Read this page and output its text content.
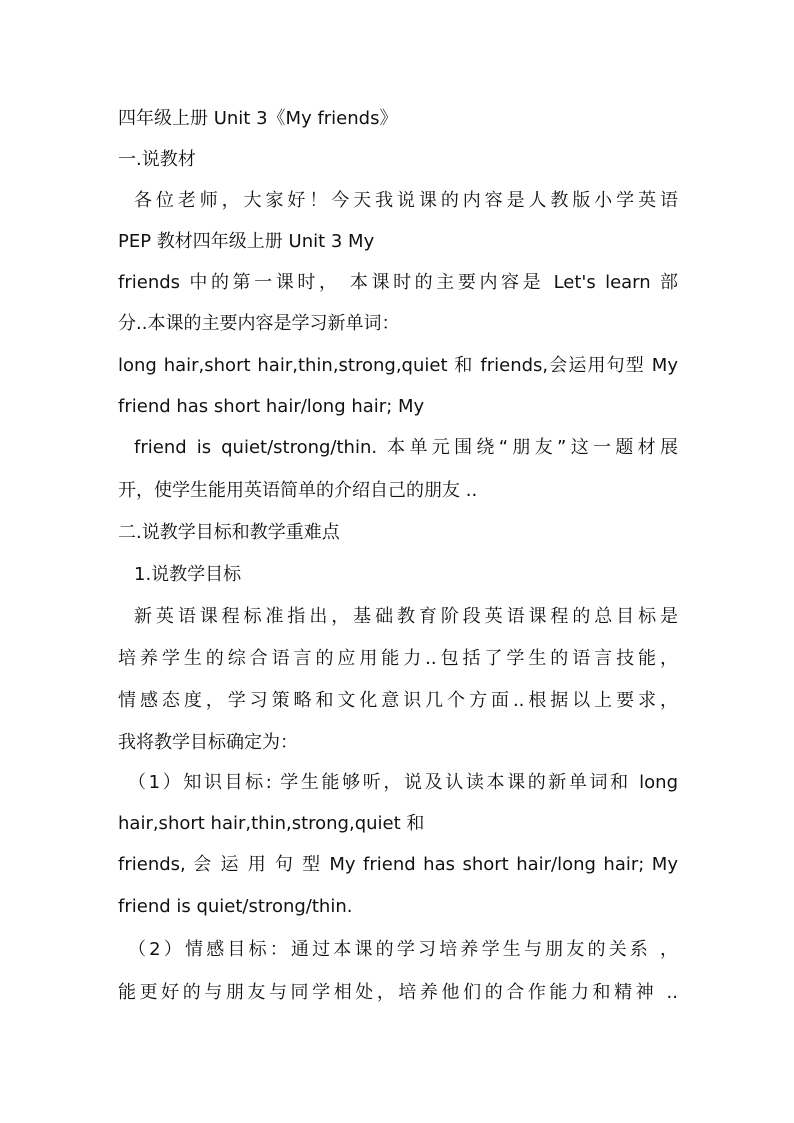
四年级上册 Unit 3《My friends》
一.说教材
各位老师，大家好！今天我说课的内容是人教版小学英语
PEP 教材四年级上册 Unit 3 My
friends 中的第一课时， 本课时的主要内容是 Let's learn 部
分..本课的主要内容是学习新单词：
long hair,short hair,thin,strong,quiet 和 friends,会运用句型 My
friend has short hair/long hair; My
friend is quiet/strong/thin. 本单元围绕“朋友”这一题材展
开，使学生能用英语简单的介绍自己的朋友 ..
二.说教学目标和教学重难点
1.说教学目标
新英语课程标准指出，基础教育阶段英语课程的总目标是
培养学生的综合语言的应用能力..包括了学生的语言技能，
情感态度，学习策略和文化意识几个方面..根据以上要求，
我将教学目标确定为：
（1）知识目标: 学生能够听，说及认读本课的新单词和 long
hair,short hair,thin,strong,quiet 和
friends, 会 运 用 句 型 My friend has short hair/long hair; My
friend is quiet/strong/thin.
（2）情感目标：通过本课的学习培养学生与朋友的关系 ，
能更好的与朋友与同学相处，培养他们的合作能力和精神 ..
